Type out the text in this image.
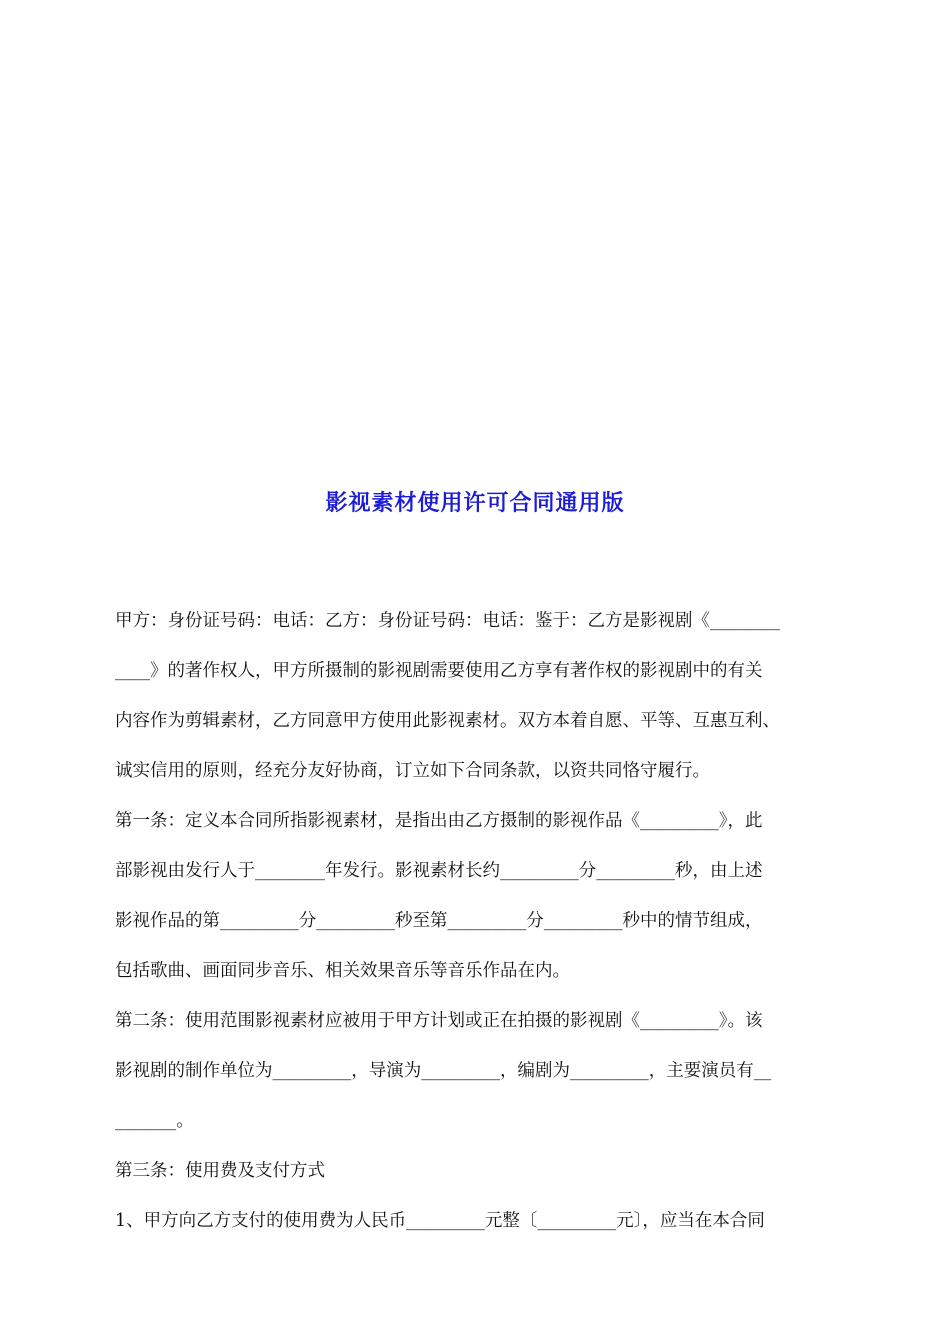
影视素材使用许可合同通用版
甲方：身份证号码：电话：乙方：身份证号码：电话：鉴于：乙方是影视剧《________
____》的著作权人，甲方所摄制的影视剧需要使用乙方享有著作权的影视剧中的有关
内容作为剪辑素材，乙方同意甲方使用此影视素材。双方本着自愿、平等、互惠互利、
诚实信用的原则，经充分友好协商，订立如下合同条款，以资共同恪守履行。
第一条：定义本合同所指影视素材，是指出由乙方摄制的影视作品《_________》，此
部影视由发行人于________年发行。影视素材长约_________分_________秒，由上述
影视作品的第_________分_________秒至第_________分_________秒中的情节组成，
包括歌曲、画面同步音乐、相关效果音乐等音乐作品在内。
第二条：使用范围影视素材应被用于甲方计划或正在拍摄的影视剧《_________》。该
影视剧的制作单位为_________，导演为_________，编剧为_________，主要演员有__
_______。
第三条：使用费及支付方式
1、甲方向乙方支付的使用费为人民币_________元整〔_________元〕，应当在本合同
